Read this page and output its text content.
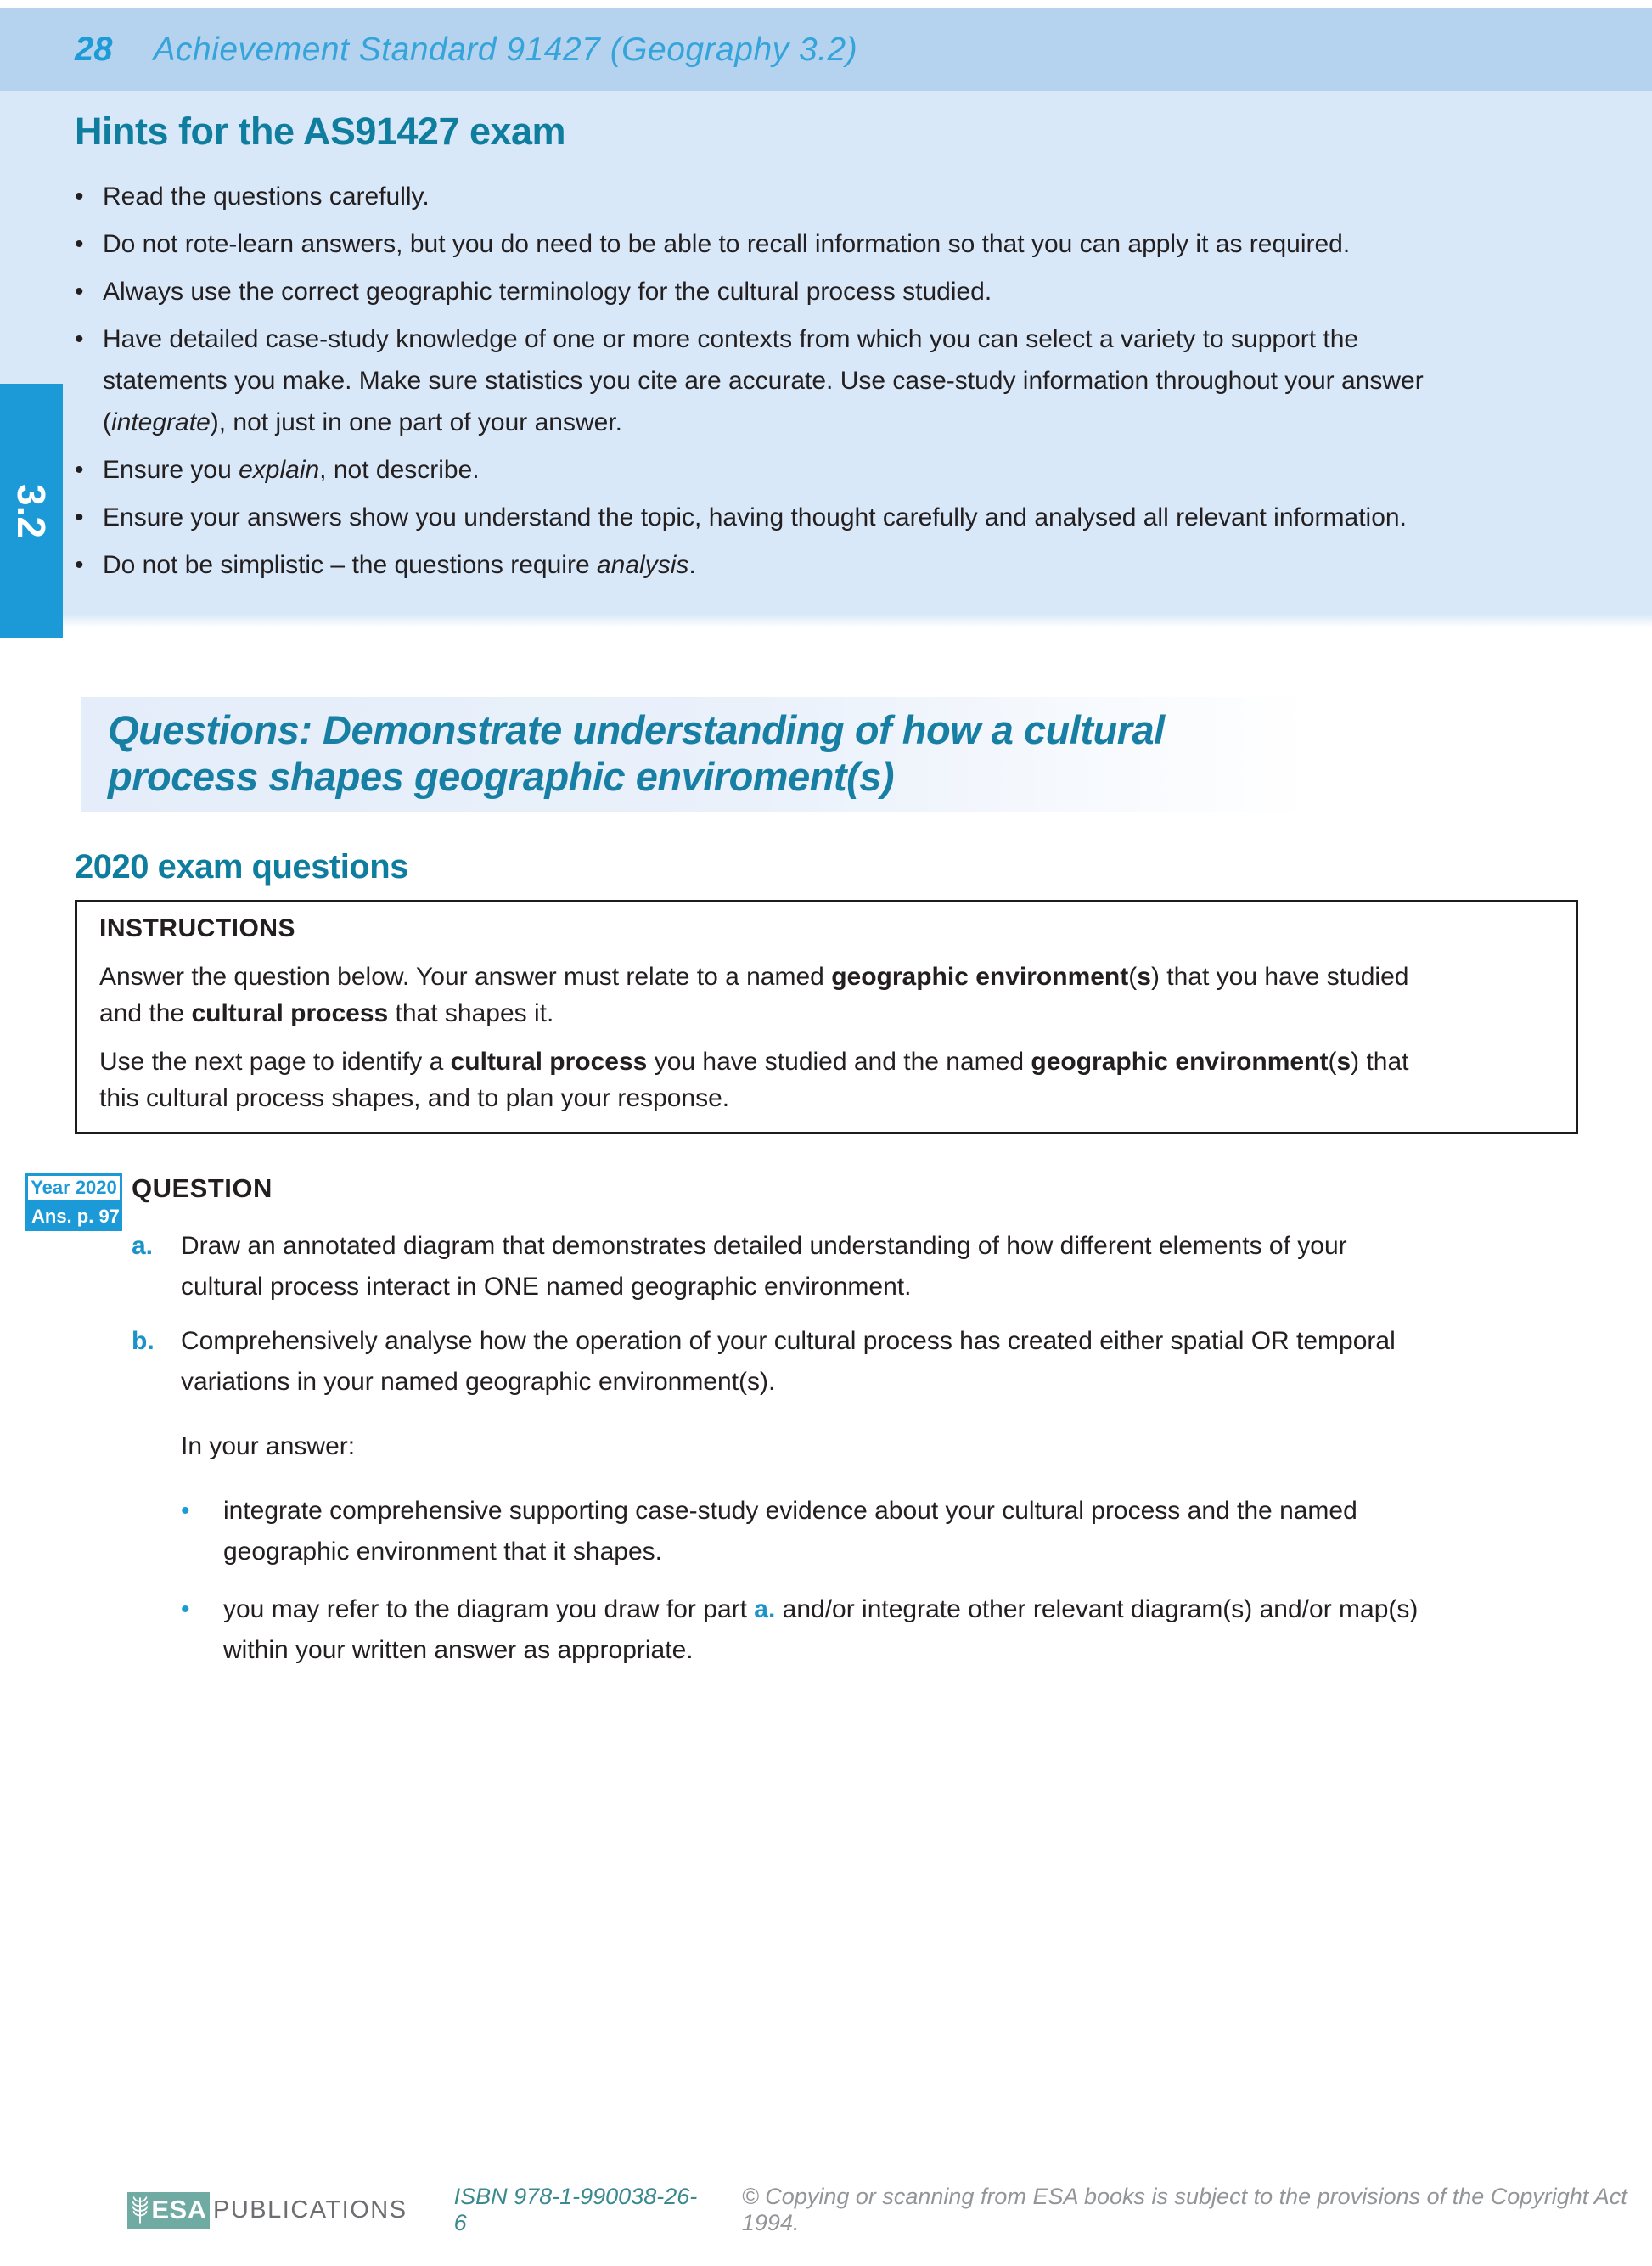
28 Achievement Standard 91427 (Geography 3.2)
3.2
Hints for the AS91427 exam
•
Read the questions carefully.
•
Do not rote-learn answers, but you do need to be able to recall information so that you can apply it as required.
•
Always use the correct geographic terminology for the cultural process studied.
•
Have detailed case-study knowledge of one or more contexts from which you can select a variety to support the statements you make. Make sure statistics you cite are accurate. Use case-study information throughout your answer (integrate), not just in one part of your answer.
•
Ensure you explain, not describe.
•
Ensure your answers show you understand the topic, having thought carefully and analysed all relevant information.
•
Do not be simplistic – the questions require analysis.
Questions: Demonstrate understanding of how a cultural process shapes geographic enviroment(s)
2020 exam questions
INSTRUCTIONS

Answer the question below. Your answer must relate to a named geographic environment(s) that you have studied and the cultural process that shapes it.

Use the next page to identify a cultural process you have studied and the named geographic environment(s) that this cultural process shapes, and to plan your response.

Year 2020
Ans. p. 97
QUESTION
a.	Draw an annotated diagram that demonstrates detailed understanding of how different elements of your cultural process interact in ONE named geographic environment.
b.	Comprehensively analyse how the operation of your cultural process has created either spatial OR temporal variations in your named geographic environment(s).

In your answer:

•
integrate comprehensive supporting case-study evidence about your cultural process and the named geographic environment that it shapes.
•
you may refer to the diagram you draw for part a. and/or integrate other relevant diagram(s) and/or map(s) within your written answer as appropriate.
ESA PUBLICATIONS ISBN 978-1-990038-26-6
© Copying or scanning from ESA books is subject to the provisions of the Copyright Act 1994.
